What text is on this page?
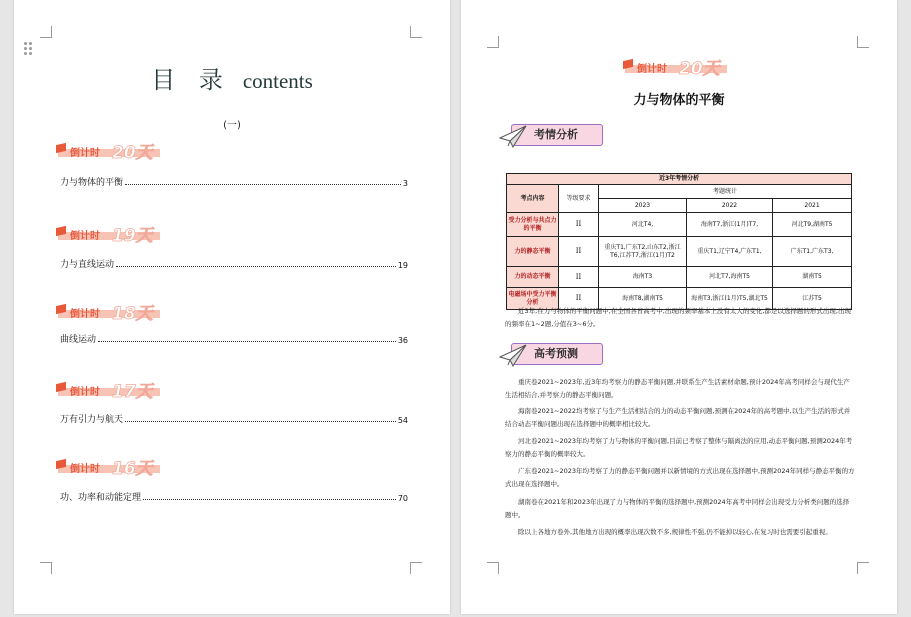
目 录 contents
(一)
倒计时 20天
力与物体的平衡	3
倒计时 19天
力与直线运动	19
倒计时 18天
曲线运动	36
倒计时 17天
万有引力与航天	54
倒计时 16天
功、功率和动能定理	70
倒计时 20天
力与物体的平衡
考情分析
近3年考情分析				
考点内容	等级要求	考题统计		
		2023	2022	2021
受力分析与共点力的平衡	II	河北T4,	海南T7,浙江(1月)T7,	河北T9,湖南T5
力的静态平衡	II	重庆T1,广东T2,山东T2,浙江T6,江苏T7,浙江(1月)T2	重庆T1,辽宁T4,广东T1,	广东T1,广东T3,
力的动态平衡	II	海南T3	河北T7,海南T5	湖南T5
电磁场中受力平衡分析	II	海南T8,湖南T5	海南T3,浙江(1月)T5,湖北T5	江苏T5
近3年,在力与物体的平衡问题中,在全国各省高考中,出现的频率基本上没有太大的变化,都是以选择题的形式出现,出现的频率在1~2题,分值在3~6分。
高考预测
重庆卷2021~2023年,近3年均考察力的静态平衡问题,并联系生产生活素材命题,预计2024年高考同样会与现代生产生活相结合,并考察力的静态平衡问题。
海南卷2021~2022均考察了与生产生活相结合的力的动态平衡问题,预测在2024年的高考题中,以生产生活的形式并结合动态平衡问题出现在选择题中的概率相比较大。
河北卷2021~2023年均考察了力与物体的平衡问题,目前已考察了整体与隔离法的应用,动态平衡问题,预测2024年考察力的静态平衡的概率较大。
广东卷2021~2023年均考察了力的静态平衡问题并以新情境的方式出现在选择题中,预测2024年同样与静态平衡的方式出现在选择题中。
湖南卷在2021年和2023年出现了力与物体的平衡的选择题中,预测2024年高考中同样会出现受力分析类问题的选择题中。
除以上各地方卷外,其他地方出现的概率出现次数不多,规律性不强,仍不能掉以轻心,在复习时也需要引起重视。
